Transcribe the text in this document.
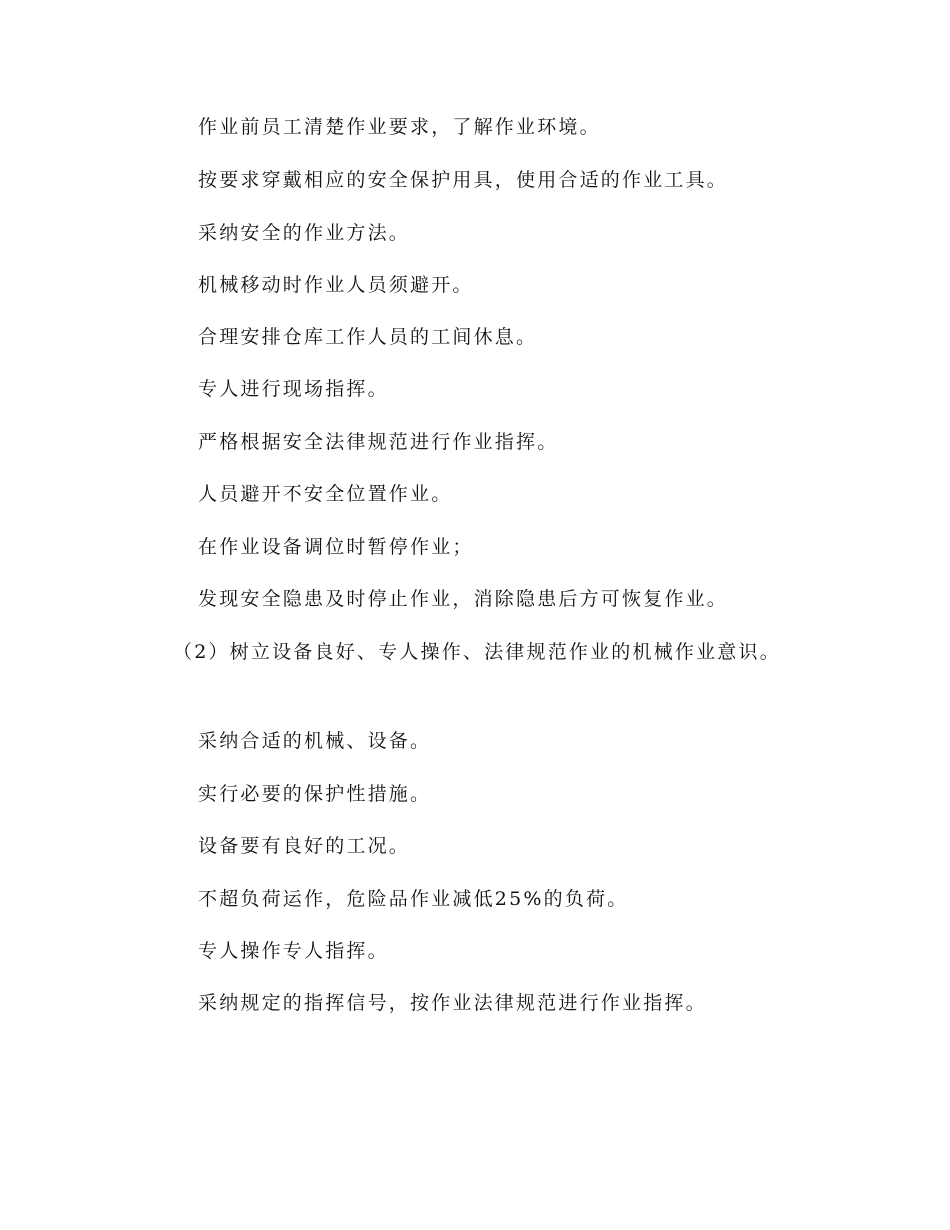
作业前员工清楚作业要求，了解作业环境。
按要求穿戴相应的安全保护用具，使用合适的作业工具。
采纳安全的作业方法。
机械移动时作业人员须避开。
合理安排仓库工作人员的工间休息。
专人进行现场指挥。
严格根据安全法律规范进行作业指挥。
人员避开不安全位置作业。
在作业设备调位时暂停作业；
发现安全隐患及时停止作业，消除隐患后方可恢复作业。
（2）树立设备良好、专人操作、法律规范作业的机械作业意识。
采纳合适的机械、设备。
实行必要的保护性措施。
设备要有良好的工况。
不超负荷运作，危险品作业减低25%的负荷。
专人操作专人指挥。
采纳规定的指挥信号，按作业法律规范进行作业指挥。
